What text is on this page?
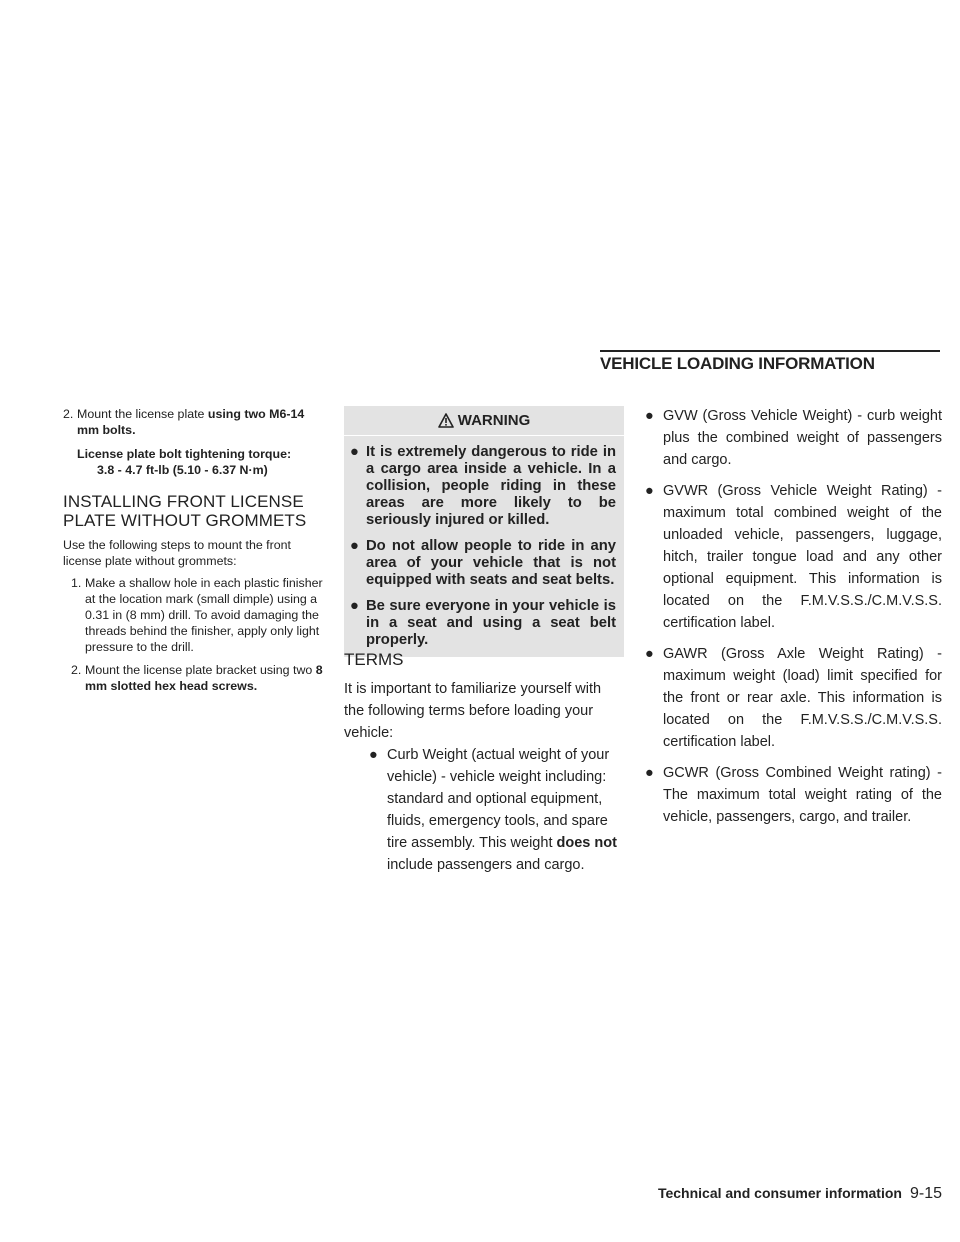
VEHICLE LOADING INFORMATION
2. Mount the license plate using two M6-14 mm bolts.
License plate bolt tightening torque:
3.8 - 4.7 ft-lb (5.10 - 6.37 N·m)
INSTALLING FRONT LICENSE PLATE WITHOUT GROMMETS
Use the following steps to mount the front license plate without grommets:
1. Make a shallow hole in each plastic finisher at the location mark (small dimple) using a 0.31 in (8 mm) drill. To avoid damaging the threads behind the finisher, apply only light pressure to the drill.
2. Mount the license plate bracket using two 8 mm slotted hex head screws.
WARNING
● It is extremely dangerous to ride in a cargo area inside a vehicle. In a collision, people riding in these areas are more likely to be seriously injured or killed.
● Do not allow people to ride in any area of your vehicle that is not equipped with seats and seat belts.
● Be sure everyone in your vehicle is in a seat and using a seat belt properly.
TERMS
It is important to familiarize yourself with the following terms before loading your vehicle:
● Curb Weight (actual weight of your vehicle) - vehicle weight including: standard and optional equipment, fluids, emergency tools, and spare tire assembly. This weight does not include passengers and cargo.
● GVW (Gross Vehicle Weight) - curb weight plus the combined weight of passengers and cargo.
● GVWR (Gross Vehicle Weight Rating) - maximum total combined weight of the unloaded vehicle, passengers, luggage, hitch, trailer tongue load and any other optional equipment. This information is located on the F.M.V.S.S./C.M.V.S.S. certification label.
● GAWR (Gross Axle Weight Rating) - maximum weight (load) limit specified for the front or rear axle. This information is located on the F.M.V.S.S./C.M.V.S.S. certification label.
● GCWR (Gross Combined Weight rating) - The maximum total weight rating of the vehicle, passengers, cargo, and trailer.
Technical and consumer information 9-15
